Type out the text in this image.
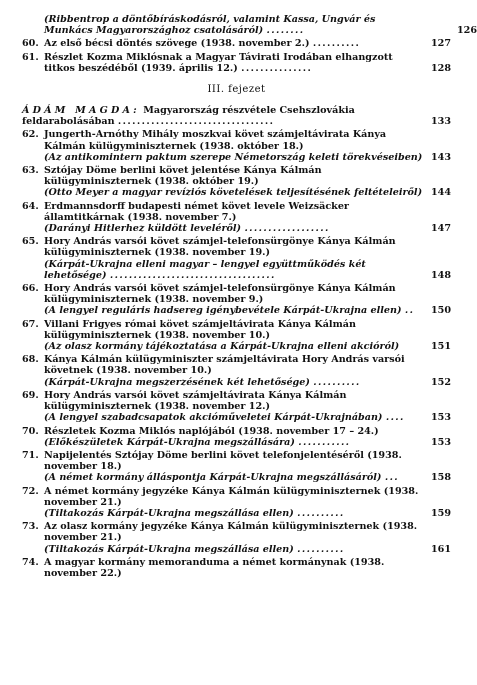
(Ribbentrop a döntőbíráskodásról, valamint Kassa, Ungvár és Munkács Magyarországhoz csatolásáról) ........	126
60. Az első bécsi döntés szövege (1938. november 2.) ..........	127
61. Részlet Kozma Miklósnak a Magyar Távirati Irodában elhangzott titkos beszédéből (1939. április 12.) ...............	128
III. fejezet
ÁDÁM MAGDA: Magyarország részvétele Csehszlovákia feldarabolásában .................................	133
62. Jungerth-Arnóthy Mihály moszkvai követ számjeltávirata Kánya Kálmán külügyminiszternek (1938. október 18.)
(Az antikomintern paktum szerepe Németország keleti törekvéseiben) 143
63. Sztójay Döme berlini követ jelentése Kánya Kálmán külügyminiszternek (1938. október 19.)
(Otto Meyer a magyar revíziós követelések teljesítésének feltételeiről) 144
64. Erdmannsdorff budapesti német követ levele Weizsäcker államtitkárnak (1938. november 7.)
(Darányi Hitlerhez küldött leveléről) ..................	147
65. Hory András varsói követ számjel-telefonsürgönye Kánya Kálmán külügyminiszternek (1938. november 19.)
(Kárpát-Ukrajna elleni magyar – lengyel együttműködés két lehetősége) ...................................	148
66. Hory András varsói követ számjel-telefonsürgönye Kánya Kálmán külügyminiszternek (1938. november 9.)
(A lengyel reguláris hadsereg igénybevétele Kárpát-Ukrajna ellen) ..	150
67. Villani Frigyes római követ számjeltávirata Kánya Kálmán külügyminiszternek (1938. november 10.)
(Az olasz kormány tájékoztatása a Kárpát-Ukrajna elleni akcióról)	151
68. Kánya Kálmán külügyminiszter számjeltávirata Hory András varsói követnek (1938. november 10.)
(Kárpát-Ukrajna megszerzésének két lehetősége) ..........	152
69. Hory András varsói követ számjeltávirata Kánya Kálmán külügyminiszternek (1938. november 12.)
(A lengyel szabadcsapatok akcióműveletei Kárpát-Ukrajnában) ....	153
70. Részletek Kozma Miklós naplójából (1938. november 17 – 24.)
(Előkészületek Kárpát-Ukrajna megszállására) ...........	153
71. Napijelentés Sztójay Döme berlini követ telefonjelentéséről (1938. november 18.)
(A német kormány álláspontja Kárpát-Ukrajna megszállásáról) ...	158
72. A német kormány jegyzéke Kánya Kálmán külügyminiszternek (1938. november 21.)
(Tiltakozás Kárpát-Ukrajna megszállása ellen) ..........	159
73. Az olasz kormány jegyzéke Kánya Kálmán külügyminiszternek (1938. november 21.)
(Tiltakozás Kárpát-Ukrajna megszállása ellen) ..........	161
74. A magyar kormány memoranduma a német kormánynak (1938. november 22.)
